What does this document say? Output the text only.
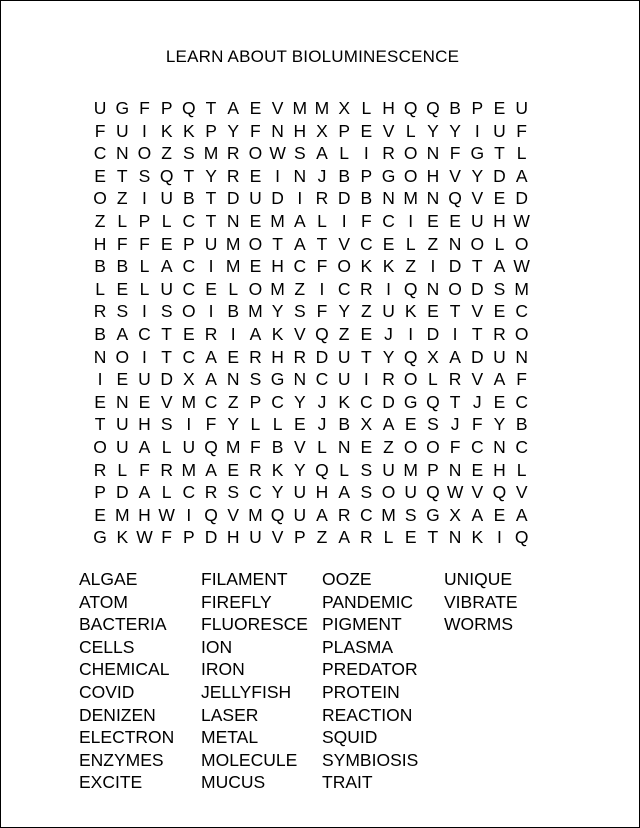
LEARN ABOUT BIOLUMINESCENCE
U G F P Q T A E V M M X L H Q Q B P E U
F U I K K P Y F N H X P E V L Y Y I U F
C N O Z S M R O W S A L I R O N F G T L
E T S Q T Y R E I N J B P G O H V Y D A
O Z I U B T D U D I R D B N M N Q V E D
Z L P L C T N E M A L I F C I E E U H W
H F F E P U M O T A T V C E L Z N O L O
B B L A C I M E H C F O K K Z I D T A W
L E L U C E L O M Z I C R I Q N O D S M
R S I S O I B M Y S F Y Z U K E T V E C
B A C T E R I A K V Q Z E J I D I T R O
N O I T C A E R H R D U T Y Q X A D U N
I E U D X A N S G N C U I R O L R V A F
E N E V M C Z P C Y J K C D G Q T J E C
T U H S I F Y L L E J B X A E S J F Y B
O U A L U Q M F B V L N E Z O O F C N C
R L F R M A E R K Y Q L S U M P N E H L
P D A L C R S C Y U H A S O U Q W V Q V
E M H W I Q V M Q U A R C M S G X A E A
G K W F P D H U V P Z A R L E T N K I Q
ALGAE
ATOM
BACTERIA
CELLS
CHEMICAL
COVID
DENIZEN
ELECTRON
ENZYMES
EXCITE
FILAMENT
FIREFLY
FLUORESCE
ION
IRON
JELLYFISH
LASER
METAL
MOLECULE
MUCUS
OOZE
PANDEMIC
PIGMENT
PLASMA
PREDATOR
PROTEIN
REACTION
SQUID
SYMBIOSIS
TRAIT
UNIQUE
VIBRATE
WORMS
